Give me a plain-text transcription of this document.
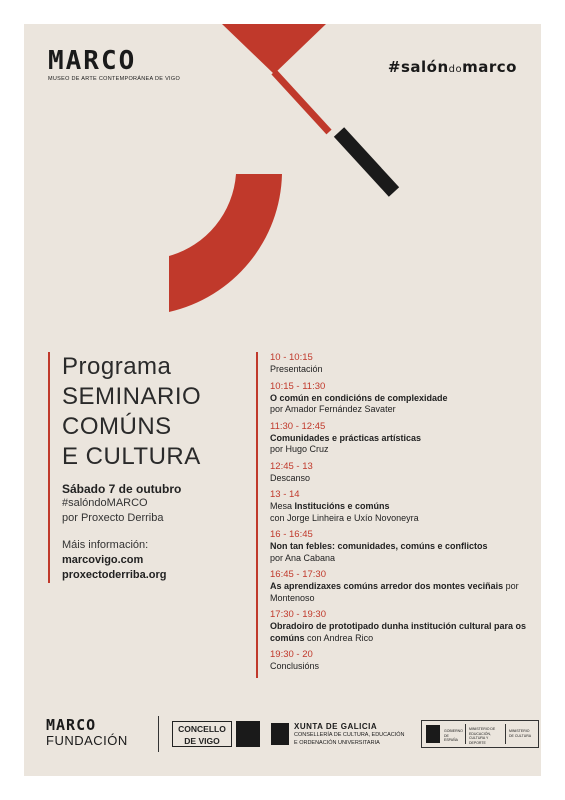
MARCO
MUSEO DE ARTE CONTEMPORÁNEA DE VIGO
#salóndomarco
Programa
SEMINARIO
COMÚNS
E CULTURA
Sábado 7 de outubro
#salóndoMARCO
por Proxecto Derriba
Máis información:
marcovigo.com
proxectoderriba.org
10 - 10:15
Presentación
10:15 - 11:30
O común en condicións de complexidade
por Amador Fernández Savater
11:30 - 12:45
Comunidades e prácticas artísticas
por Hugo Cruz
12:45 - 13
Descanso
13 - 14
Mesa Institucións e comúns
con Jorge Linheira e Uxío Novoneyra
16 - 16:45
Non tan febles: comunidades, comúns e conflictos
por Ana Cabana
16:45 - 17:30
As aprendizaxes comúns arredor dos montes veciñais por Montenoso
17:30 - 19:30
Obradoiro de prototipado dunha institución cultural para os comúns con Andrea Rico
19:30 - 20
Conclusións
MARCO
FUNDACIÓN
CONCELLO
DE VIGO
XUNTA DE GALICIA
CONSELLERÍA DE CULTURA, EDUCACIÓN
E ORDENACIÓN UNIVERSITARIA
GOBIERNO DE ESPAÑA
MINISTERIO DE EDUCACIÓN, CULTURA Y DEPORTE
MINISTERIO DE CULTURA
